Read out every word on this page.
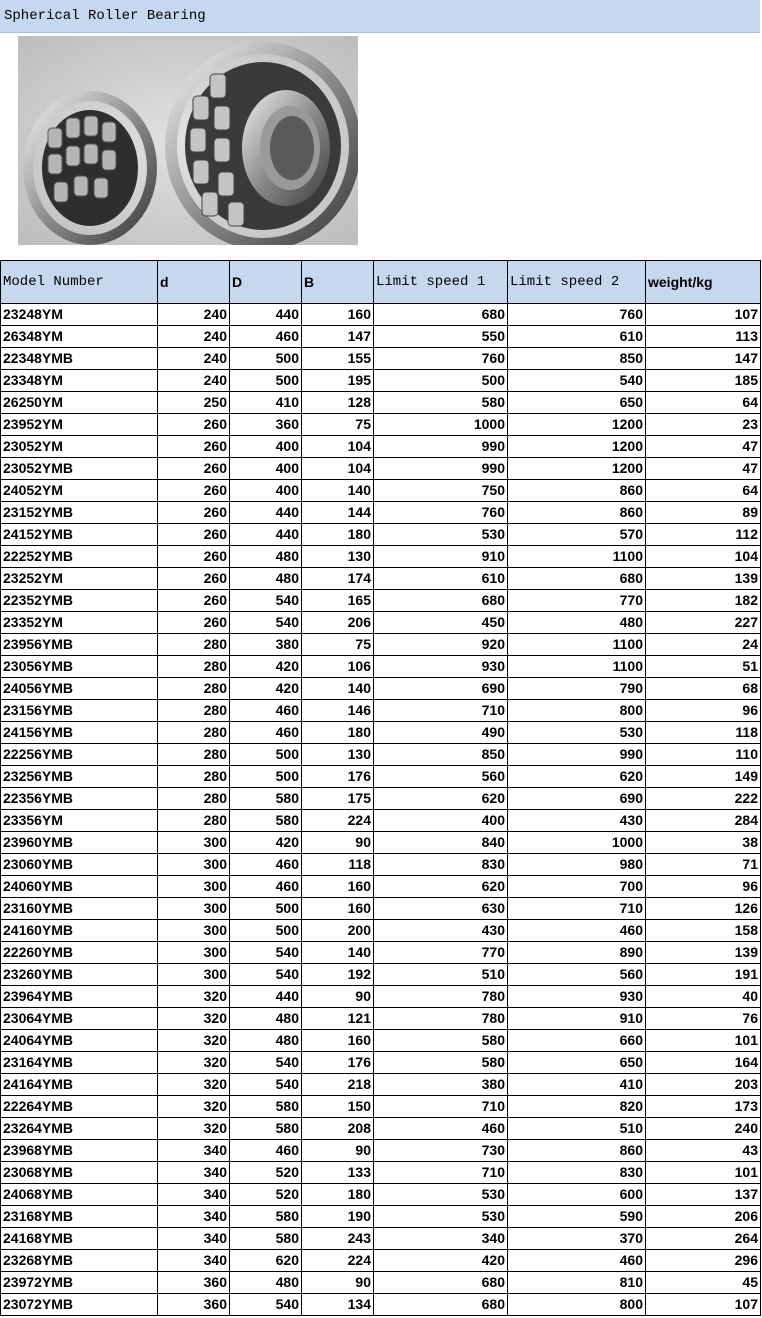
Spherical Roller Bearing
Model Number	d	D	B	Limit speed 1	Limit speed 2	weight/kg
23248YM	240	440	160	680	760	107
26348YM	240	460	147	550	610	113
22348YMB	240	500	155	760	850	147
23348YM	240	500	195	500	540	185
26250YM	250	410	128	580	650	64
23952YM	260	360	75	1000	1200	23
23052YM	260	400	104	990	1200	47
23052YMB	260	400	104	990	1200	47
24052YM	260	400	140	750	860	64
23152YMB	260	440	144	760	860	89
24152YMB	260	440	180	530	570	112
22252YMB	260	480	130	910	1100	104
23252YM	260	480	174	610	680	139
22352YMB	260	540	165	680	770	182
23352YM	260	540	206	450	480	227
23956YMB	280	380	75	920	1100	24
23056YMB	280	420	106	930	1100	51
24056YMB	280	420	140	690	790	68
23156YMB	280	460	146	710	800	96
24156YMB	280	460	180	490	530	118
22256YMB	280	500	130	850	990	110
23256YMB	280	500	176	560	620	149
22356YMB	280	580	175	620	690	222
23356YM	280	580	224	400	430	284
23960YMB	300	420	90	840	1000	38
23060YMB	300	460	118	830	980	71
24060YMB	300	460	160	620	700	96
23160YMB	300	500	160	630	710	126
24160YMB	300	500	200	430	460	158
22260YMB	300	540	140	770	890	139
23260YMB	300	540	192	510	560	191
23964YMB	320	440	90	780	930	40
23064YMB	320	480	121	780	910	76
24064YMB	320	480	160	580	660	101
23164YMB	320	540	176	580	650	164
24164YMB	320	540	218	380	410	203
22264YMB	320	580	150	710	820	173
23264YMB	320	580	208	460	510	240
23968YMB	340	460	90	730	860	43
23068YMB	340	520	133	710	830	101
24068YMB	340	520	180	530	600	137
23168YMB	340	580	190	530	590	206
24168YMB	340	580	243	340	370	264
23268YMB	340	620	224	420	460	296
23972YMB	360	480	90	680	810	45
23072YMB	360	540	134	680	800	107
